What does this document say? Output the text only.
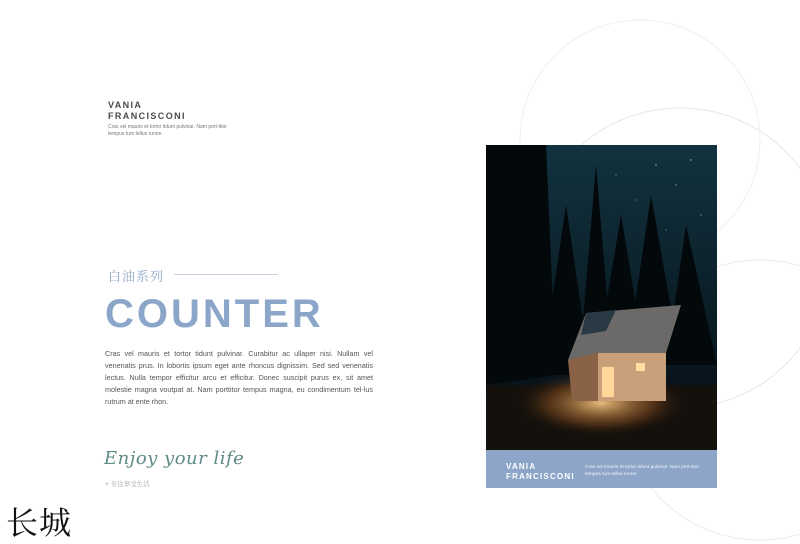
VANIA
FRANCISCONI
Cras vel mauris et tortor tidunt pulvinar. Nam port-titor tempus tum tellus runne.
白油系列
COUNTER
Cras vel mauris et tortor tidunt pulvinar. Curabitur ac ullaper nisi. Nullam vel venenatis prus. In lobortis ipsum eget ante rhoncus dignissim. Sed sed venenatis lectus. Nulla tempor efficitur arcu et efficitur. Donec suscipit purus ex, sit amet molestie magna voutpat at. Nam porttitor tempus magna, eu condimentum tel-lus rutrum at ente rhon.
Enjoy your life
+ 专注享受生活
长城
VANIA
FRANCISCONI
Cras vel mauris et tortor tidunt pulvinar. Nam port-titor tempus tum tellus runne.
